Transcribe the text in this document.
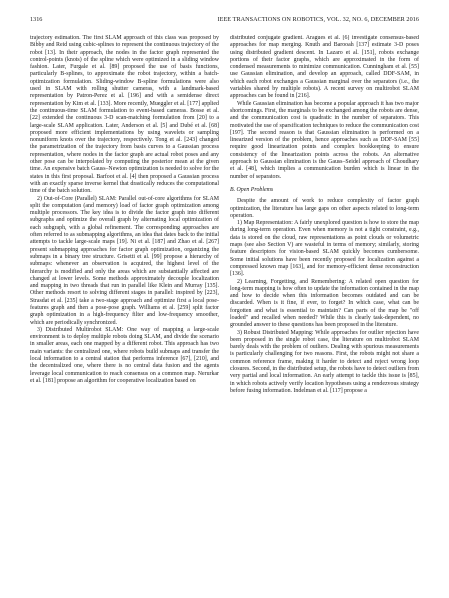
1316	IEEE TRANSACTIONS ON ROBOTICS, VOL. 32, NO. 6, DECEMBER 2016

trajectory estimation. The first SLAM approach of this class was proposed by Bibby and Reid using cubic-splines to represent the continuous trajectory of the robot [13]. In their approach, the nodes in the factor graph represented the control-points (knots) of the spline which were optimized in a sliding window fashion. Later, Furgale et al. [89] proposed the use of basis functions, particularly B-splines, to approximate the robot trajectory, within a batch-optimization formulation. Sliding-window B-spline formulations were also used in SLAM with rolling shutter cameras, with a landmark-based representation by Patron-Perez et al. [196] and with a semidense direct representation by Kim et al. [133]. More recently, Mueggler et al. [177] applied the continuous-time SLAM formulation to event-based cameras. Bosse et al. [22] extended the continuous 3-D scan-matching formulation from [20] to a large-scale SLAM application. Later, Anderson et al. [5] and Dubé et al. [68] proposed more efficient implementations by using wavelets or sampling nonuniform knots over the trajectory, respectively. Tong et al. [243] changed the parametrization of the trajectory from basis curves to a Gaussian process representation, where nodes in the factor graph are actual robot poses and any other pose can be interpolated by computing the posterior mean at the given time. An expensive batch Gauss–Newton optimization is needed to solve for the states in this first proposal. Barfoot et al. [4] then proposed a Gaussian process with an exactly sparse inverse kernel that drastically reduces the computational time of the batch solution.

2) Out-of-Core (Parallel) SLAM: Parallel out-of-core algorithms for SLAM split the computation (and memory) load of factor graph optimization among multiple processors. The key idea is to divide the factor graph into different subgraphs and optimize the overall graph by alternating local optimization of each subgraph, with a global refinement. The corresponding approaches are often referred to as submapping algorithms, an idea that dates back to the initial attempts to tackle large-scale maps [19]. Ni et al. [187] and Zhao et al. [267] present submapping approaches for factor graph optimization, organizing the submaps in a binary tree structure. Grisetti et al. [99] propose a hierarchy of submaps: whenever an observation is acquired, the highest level of the hierarchy is modified and only the areas which are substantially affected are changed at lower levels. Some methods approximately decouple localization and mapping in two threads that run in parallel like Klein and Murray [135]. Other methods resort to solving different stages in parallel: inspired by [223], Strasdat et al. [235] take a two-stage approach and optimize first a local pose-features graph and then a pose-pose graph. Williams et al. [259] split factor graph optimization in a high-frequency filter and low-frequency smoother, which are periodically synchronized.

3) Distributed Multirobot SLAM: One way of mapping a large-scale environment is to deploy multiple robots doing SLAM, and divide the scenario in smaller areas, each one mapped by a different robot. This approach has two main variants: the centralized one, where robots build submaps and transfer the local information to a central station that performs inference [67], [210], and the decentralized one, where there is no central data fusion and the agents leverage local communication to reach consensus on a common map. Nerurkar et al. [181] propose an algorithm for cooperative localization based on

distributed conjugate gradient. Aragues et al. [6] investigate consensus-based approaches for map merging. Knuth and Barooah [137] estimate 3-D poses using distributed gradient descent. In Lazaro et al. [151], robots exchange portions of their factor graphs, which are approximated in the form of condensed measurements to minimize communication. Cunningham et al. [55] use Gaussian elimination, and develop an approach, called DDF-SAM, in which each robot exchanges a Gaussian marginal over the separators (i.e., the variables shared by multiple robots). A recent survey on multirobot SLAM approaches can be found in [216].

While Gaussian elimination has become a popular approach it has two major shortcomings. First, the marginals to be exchanged among the robots are dense, and the communication cost is quadratic in the number of separators. This motivated the use of sparsification techniques to reduce the communication cost [197]. The second reason is that Gaussian elimination is performed on a linearized version of the problem, hence approaches such as DDF-SAM [55] require good linearization points and complex bookkeeping to ensure consistency of the linearization points across the robots. An alternative approach to Gaussian elimination is the Gauss–Seidel approach of Choudhary et al. [48], which implies a communication burden which is linear in the number of separators.

B. Open Problems

Despite the amount of work to reduce complexity of factor graph optimization, the literature has large gaps on other aspects related to long-term operation.

1) Map Representation: A fairly unexplored question is how to store the map during long-term operation. Even when memory is not a tight constraint, e.g., data is stored on the cloud, raw representations as point clouds or volumetric maps (see also Section V) are wasteful in terms of memory; similarly, storing feature descriptors for vision-based SLAM quickly becomes cumbersome. Some initial solutions have been recently proposed for localization against a compressed known map [163], and for memory-efficient dense reconstruction [136].

2) Learning, Forgetting, and Remembering: A related open question for long-term mapping is how often to update the information contained in the map and how to decide when this information becomes outdated and can be discarded. When is it fine, if ever, to forget? In which case, what can be forgotten and what is essential to maintain? Can parts of the map be "off loaded" and recalled when needed? While this is clearly task-dependent, no grounded answer to these questions has been proposed in the literature.

3) Robust Distributed Mapping: While approaches for outlier rejection have been proposed in the single robot case, the literature on multirobot SLAM barely deals with the problem of outliers. Dealing with spurious measurements is particularly challenging for two reasons. First, the robots might not share a common reference frame, making it harder to detect and reject wrong loop closures. Second, in the distributed setup, the robots have to detect outliers from very partial and local information. An early attempt to tackle this issue is [85], in which robots actively verify location hypotheses using a rendezvous strategy before fusing information. Indelman et al. [117] propose a
